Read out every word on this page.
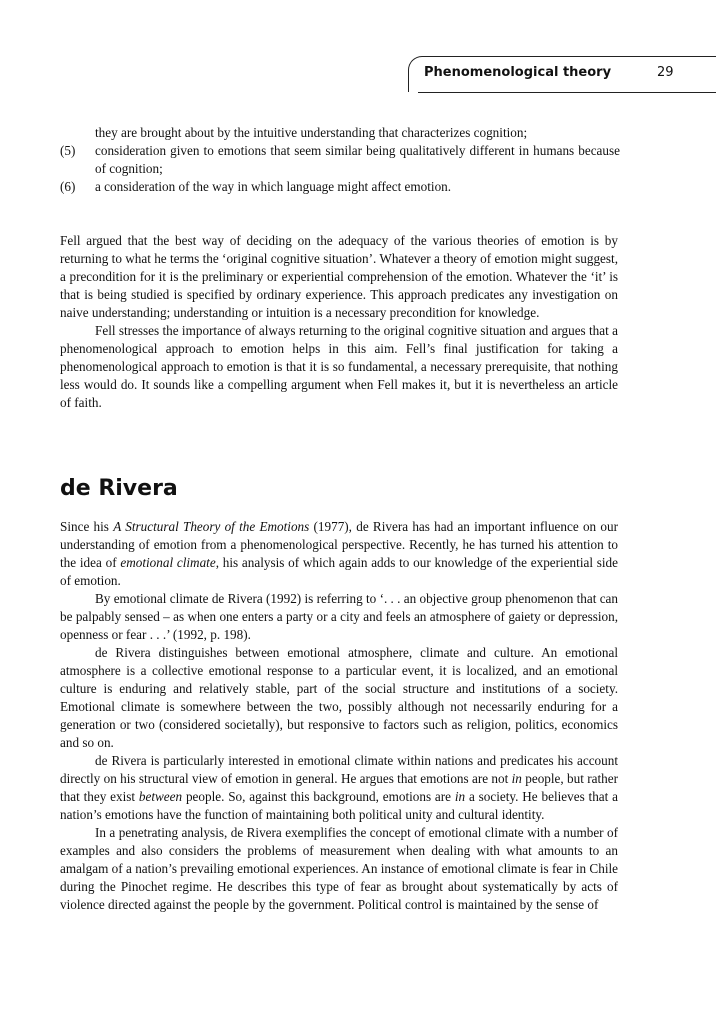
Phenomenological theory	29
they are brought about by the intuitive understanding that characterizes cognition;
(5)	consideration given to emotions that seem similar being qualitatively different in humans because of cognition;
(6)	a consideration of the way in which language might affect emotion.

Fell argued that the best way of deciding on the adequacy of the various theories of emotion is by returning to what he terms the ‘original cognitive situation’. Whatever a theory of emotion might suggest, a precondition for it is the preliminary or experiential comprehension of the emotion. Whatever the ‘it’ is that is being studied is specified by ordinary experience. This approach predicates any investigation on naive understanding; understanding or intuition is a necessary precondition for knowledge.

Fell stresses the importance of always returning to the original cognitive situation and argues that a phenomenological approach to emotion helps in this aim. Fell’s final justification for taking a phenomenological approach to emotion is that it is so fundamental, a necessary prerequisite, that nothing less would do. It sounds like a compelling argument when Fell makes it, but it is nevertheless an article of faith.

de Rivera

Since his A Structural Theory of the Emotions (1977), de Rivera has had an important influence on our understanding of emotion from a phenomenological perspective. Recently, he has turned his attention to the idea of emotional climate, his analysis of which again adds to our knowledge of the experiential side of emotion.

By emotional climate de Rivera (1992) is referring to ‘. . . an objective group phenomenon that can be palpably sensed – as when one enters a party or a city and feels an atmosphere of gaiety or depression, openness or fear . . .’ (1992, p. 198).

de Rivera distinguishes between emotional atmosphere, climate and culture. An emotional atmosphere is a collective emotional response to a particular event, it is localized, and an emotional culture is enduring and relatively stable, part of the social structure and institutions of a society. Emotional climate is somewhere between the two, possibly although not necessarily enduring for a generation or two (considered societally), but responsive to factors such as religion, politics, economics and so on.

de Rivera is particularly interested in emotional climate within nations and predicates his account directly on his structural view of emotion in general. He argues that emotions are not in people, but rather that they exist between people. So, against this background, emotions are in a society. He believes that a nation’s emotions have the function of maintaining both political unity and cultural identity.

In a penetrating analysis, de Rivera exemplifies the concept of emotional climate with a number of examples and also considers the problems of measurement when dealing with what amounts to an amalgam of a nation’s prevailing emotional experiences. An instance of emotional climate is fear in Chile during the Pinochet regime. He describes this type of fear as brought about systematically by acts of violence directed against the people by the government. Political control is maintained by the sense of
